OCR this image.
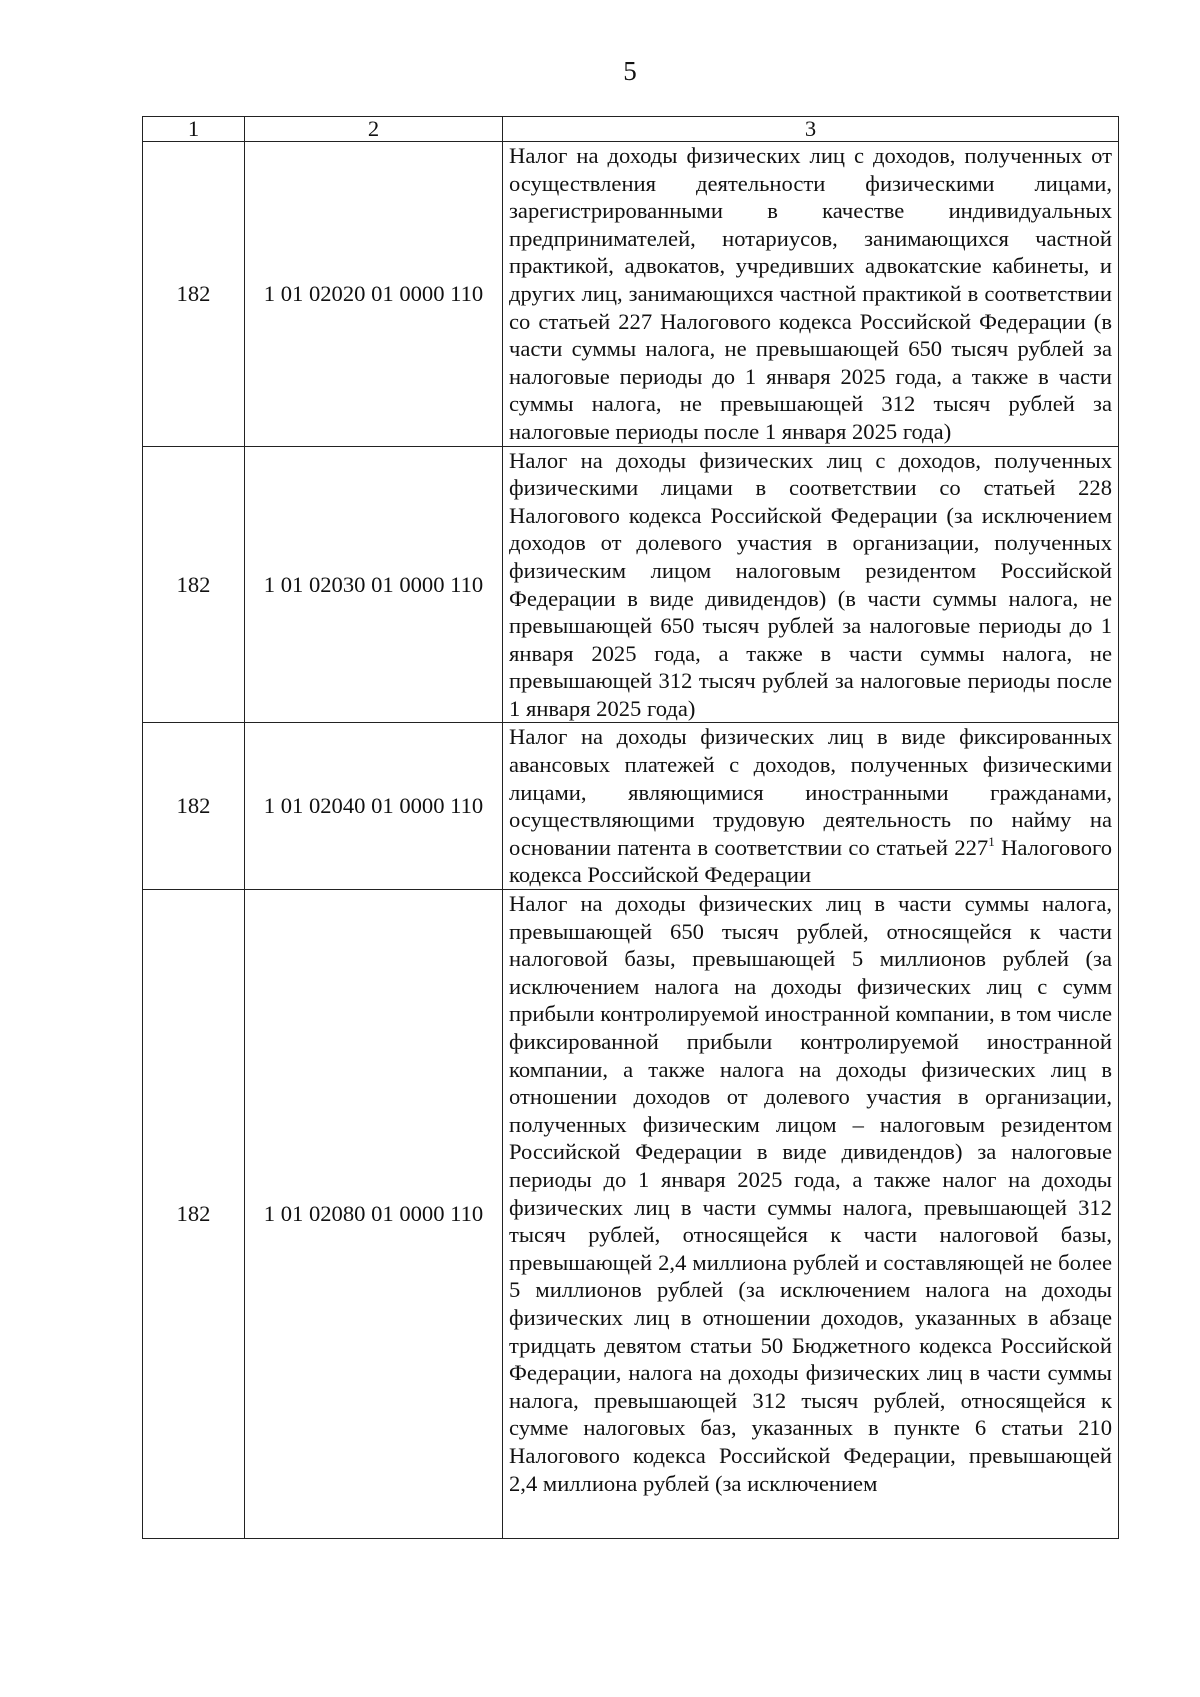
5
1	2	3
182	1 01 02020 01 0000 110	Налог на доходы физических лиц с доходов, полученных от осуществления деятельности физическими лицами, зарегистрированными в качестве индивидуальных предпринимателей, нотариусов, занимающихся частной практикой, адвокатов, учредивших адвокатские кабинеты, и других лиц, занимающихся частной практикой в соответствии со статьей 227 Налогового кодекса Российской Федерации (в части суммы налога, не превышающей 650 тысяч рублей за налоговые периоды до 1 января 2025 года, а также в части суммы налога, не превышающей 312 тысяч рублей за налоговые периоды после 1 января 2025 года)
182	1 01 02030 01 0000 110	Налог на доходы физических лиц с доходов, полученных физическими лицами в соответствии со статьей 228 Налогового кодекса Российской Федерации (за исключением доходов от долевого участия в организации, полученных физическим лицом налоговым резидентом Российской Федерации в виде дивидендов) (в части суммы налога, не превышающей 650 тысяч рублей за налоговые периоды до 1 января 2025 года, а также в части суммы налога, не превышающей 312 тысяч рублей за налоговые периоды после 1 января 2025 года)
182	1 01 02040 01 0000 110	Налог на доходы физических лиц в виде фиксированных авансовых платежей с доходов, полученных физическими лицами, являющимися иностранными гражданами, осуществляющими трудовую деятельность по найму на основании патента в соответствии со статьей $227^1$ Налогового кодекса Российской Федерации

182	1 01 02080 01 0000 110	Налог на доходы физических лиц в части суммы налога, превышающей 650 тысяч рублей, относящейся к части налоговой базы, превышающей 5 миллионов рублей (за исключением налога на доходы физических лиц с сумм прибыли контролируемой иностранной компании, в том числе фиксированной прибыли контролируемой иностранной компании, а также налога на доходы физических лиц в отношении доходов от долевого участия в организации, полученных физическим лицом – налоговым резидентом Российской Федерации в виде дивидендов) за налоговые периоды до 1 января 2025 года, а также налог на доходы физических лиц в части суммы налога, превышающей 312 тысяч рублей, относящейся к части налоговой базы, превышающей 2,4 миллиона рублей и составляющей не более 5 миллионов рублей (за исключением налога на доходы физических лиц в отношении доходов, указанных в абзаце тридцать девятом статьи 50 Бюджетного кодекса Российской Федерации, налога на доходы физических лиц в части суммы налога, превышающей 312 тысяч рублей, относящейся к сумме налоговых баз, указанных в пункте 6 статьи 210 Налогового кодекса Российской Федерации, превышающей 2,4 миллиона рублей (за исключением
